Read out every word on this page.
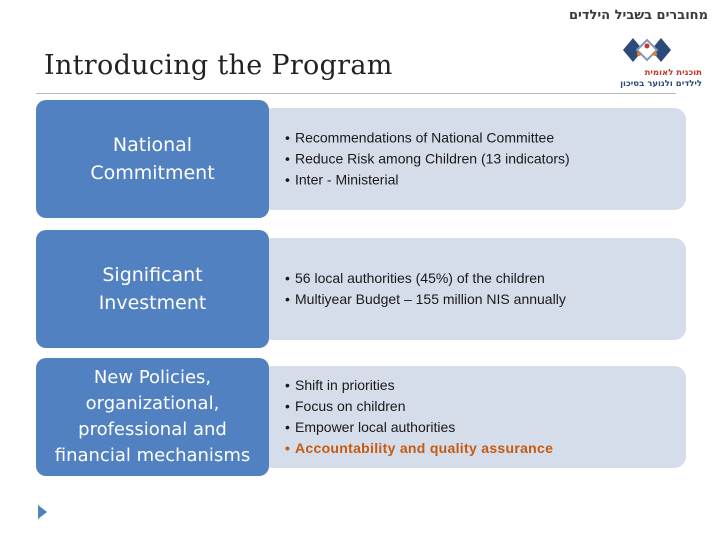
מחוברים בשביל הילדים
תוכנית לאומית
לילדים ולנוער בסיכון
Introducing the Program
• Recommendations of National Committee
• Reduce Risk among Children (13 indicators)
• Inter - Ministerial
National
Commitment
• 56 local authorities (45%) of the children
• Multiyear Budget – 155 million NIS annually
Significant
Investment
• Shift in priorities
• Focus on children
• Empower local authorities
• Accountability and quality assurance
New Policies,
organizational,
professional and
financial mechanisms
